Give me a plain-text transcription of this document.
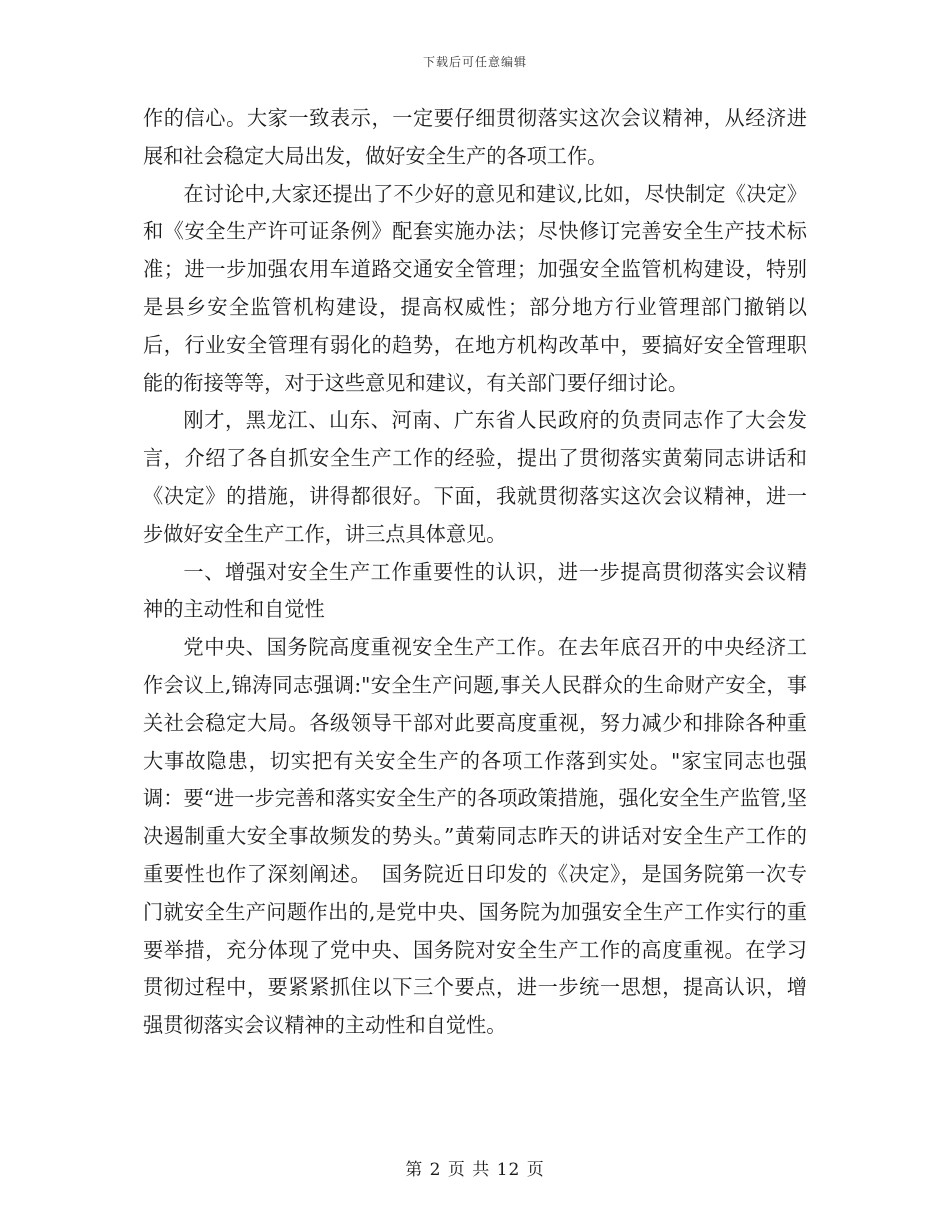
下载后可任意编辑

作的信心。大家一致表示，一定要仔细贯彻落实这次会议精神，从经济进展和社会稳定大局出发，做好安全生产的各项工作。

在讨论中,大家还提出了不少好的意见和建议,比如，尽快制定《决定》和《安全生产许可证条例》配套实施办法；尽快修订完善安全生产技术标准；进一步加强农用车道路交通安全管理；加强安全监管机构建设，特别是县乡安全监管机构建设，提高权威性；部分地方行业管理部门撤销以后，行业安全管理有弱化的趋势，在地方机构改革中，要搞好安全管理职能的衔接等等，对于这些意见和建议，有关部门要仔细讨论。

刚才，黑龙江、山东、河南、广东省人民政府的负责同志作了大会发言，介绍了各自抓安全生产工作的经验，提出了贯彻落实黄菊同志讲话和《决定》的措施，讲得都很好。下面，我就贯彻落实这次会议精神，进一步做好安全生产工作，讲三点具体意见。

一、增强对安全生产工作重要性的认识，进一步提高贯彻落实会议精神的主动性和自觉性

党中央、国务院高度重视安全生产工作。在去年底召开的中央经济工作会议上,锦涛同志强调:"安全生产问题,事关人民群众的生命财产安全，事关社会稳定大局。各级领导干部对此要高度重视，努力减少和排除各种重大事故隐患，切实把有关安全生产的各项工作落到实处。"家宝同志也强调：要“进一步完善和落实安全生产的各项政策措施，强化安全生产监管,坚决遏制重大安全事故频发的势头。”黄菊同志昨天的讲话对安全生产工作的重要性也作了深刻阐述。　国务院近日印发的《决定》，是国务院第一次专门就安全生产问题作出的,是党中央、国务院为加强安全生产工作实行的重要举措，充分体现了党中央、国务院对安全生产工作的高度重视。在学习贯彻过程中，要紧紧抓住以下三个要点，进一步统一思想，提高认识，增强贯彻落实会议精神的主动性和自觉性。

第 2 页 共 12 页
